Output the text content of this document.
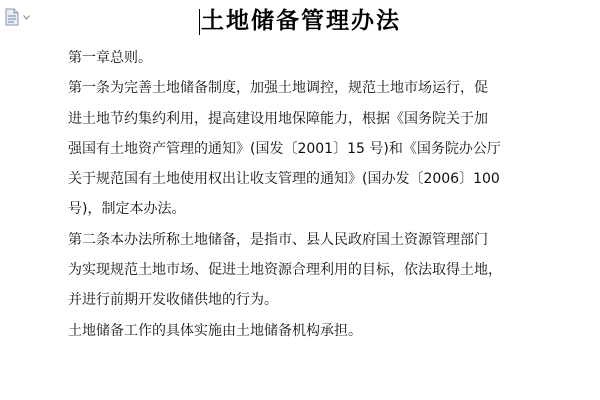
土地储备管理办法

第一章总则。

第一条为完善土地储备制度，加强土地调控，规范土地市场运行，促

进土地节约集约利用，提高建设用地保障能力，根据《国务院关于加

强国有土地资产管理的通知》(国发〔2001〕15 号)和《国务院办公厅

关于规范国有土地使用权出让收支管理的通知》(国办发〔2006〕100

号)，制定本办法。

第二条本办法所称土地储备，是指市、县人民政府国土资源管理部门

为实现规范土地市场、促进土地资源合理利用的目标，依法取得土地，

并进行前期开发收储供地的行为。

土地储备工作的具体实施由土地储备机构承担。
